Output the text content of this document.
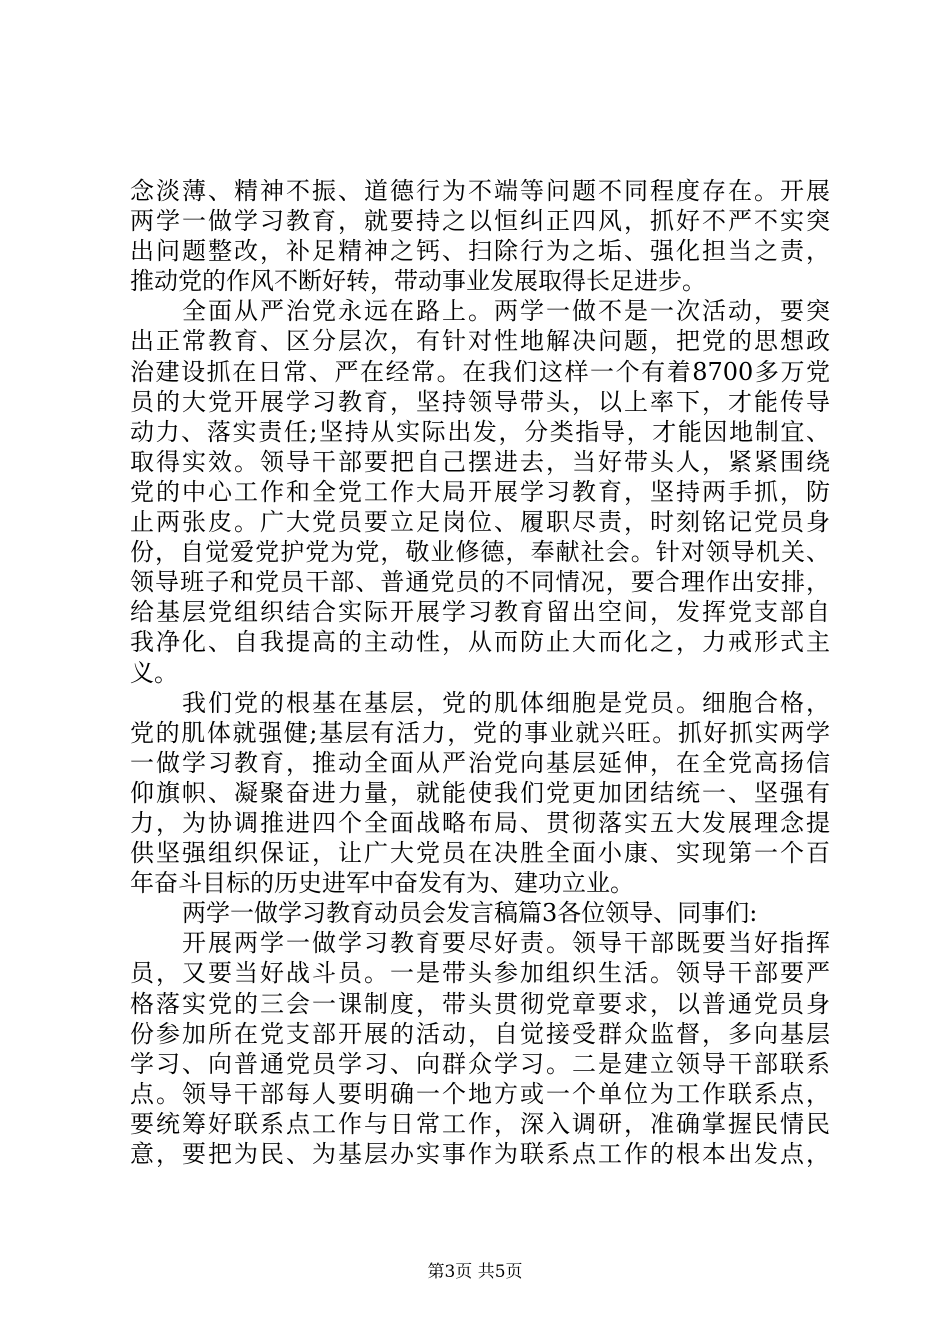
念淡薄、精神不振、道德行为不端等问题不同程度存在。开展
两学一做学习教育，就要持之以恒纠正四风，抓好不严不实突
出问题整改，补足精神之钙、扫除行为之垢、强化担当之责，
推动党的作风不断好转，带动事业发展取得长足进步。
全面从严治党永远在路上。两学一做不是一次活动，要突
出正常教育、区分层次，有针对性地解决问题，把党的思想政
治建设抓在日常、严在经常。在我们这样一个有着8700多万党
员的大党开展学习教育，坚持领导带头，以上率下，才能传导
动力、落实责任;坚持从实际出发，分类指导，才能因地制宜、
取得实效。领导干部要把自己摆进去，当好带头人，紧紧围绕
党的中心工作和全党工作大局开展学习教育，坚持两手抓，防
止两张皮。广大党员要立足岗位、履职尽责，时刻铭记党员身
份，自觉爱党护党为党，敬业修德，奉献社会。针对领导机关、
领导班子和党员干部、普通党员的不同情况，要合理作出安排，
给基层党组织结合实际开展学习教育留出空间，发挥党支部自
我净化、自我提高的主动性，从而防止大而化之，力戒形式主
义。
我们党的根基在基层，党的肌体细胞是党员。细胞合格，
党的肌体就强健;基层有活力，党的事业就兴旺。抓好抓实两学
一做学习教育，推动全面从严治党向基层延伸，在全党高扬信
仰旗帜、凝聚奋进力量，就能使我们党更加团结统一、坚强有
力，为协调推进四个全面战略布局、贯彻落实五大发展理念提
供坚强组织保证，让广大党员在决胜全面小康、实现第一个百
年奋斗目标的历史进军中奋发有为、建功立业。
两学一做学习教育动员会发言稿篇3各位领导、同事们:
开展两学一做学习教育要尽好责。领导干部既要当好指挥
员，又要当好战斗员。一是带头参加组织生活。领导干部要严
格落实党的三会一课制度，带头贯彻党章要求，以普通党员身
份参加所在党支部开展的活动，自觉接受群众监督，多向基层
学习、向普通党员学习、向群众学习。二是建立领导干部联系
点。领导干部每人要明确一个地方或一个单位为工作联系点，
要统筹好联系点工作与日常工作，深入调研，准确掌握民情民
意，要把为民、为基层办实事作为联系点工作的根本出发点，
第3页 共5页
